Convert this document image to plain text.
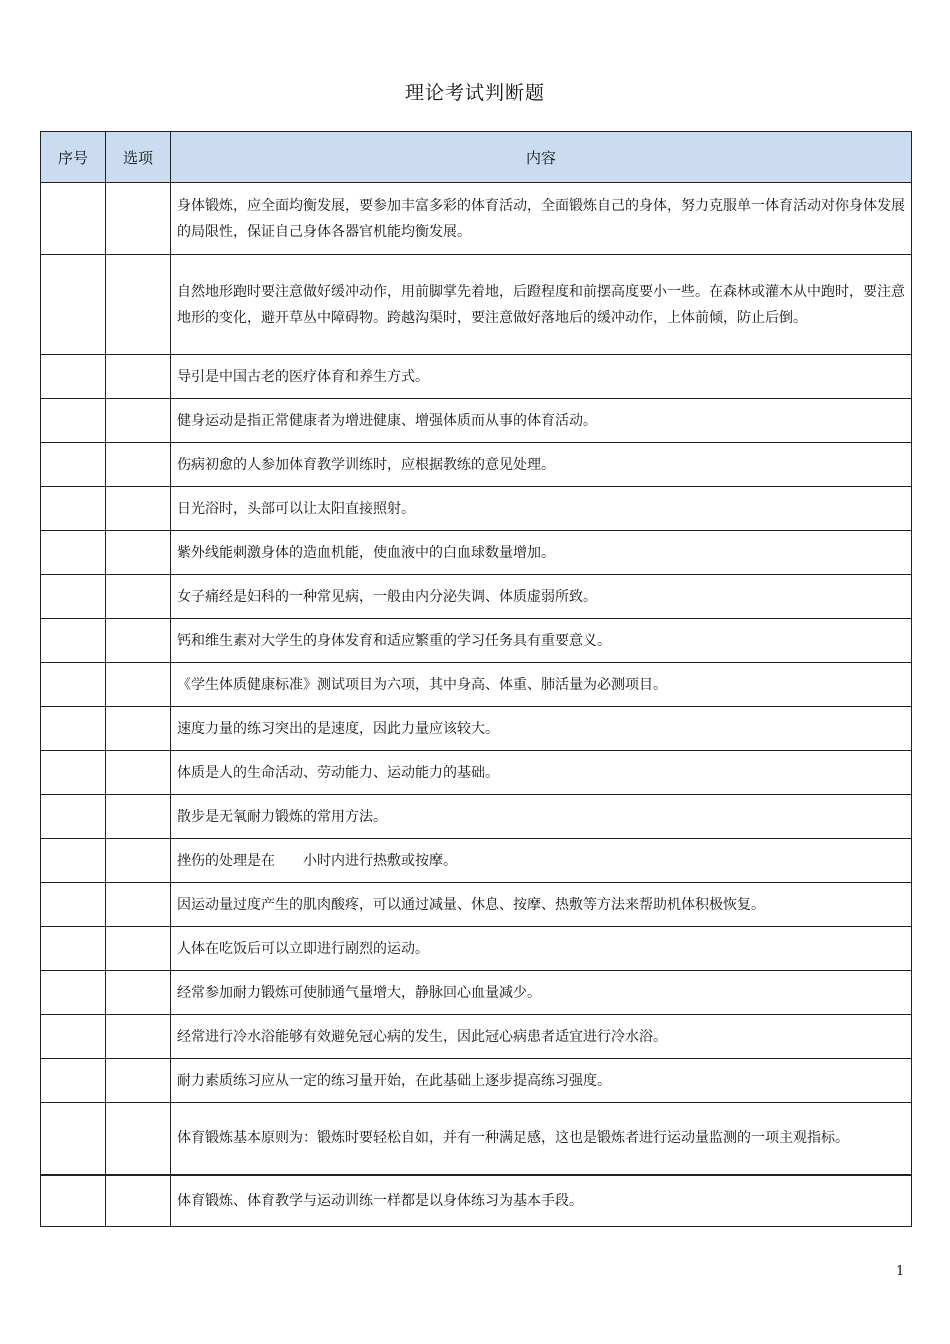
理论考试判断题
序号	选项	内容
		身体锻炼，应全面均衡发展，要参加丰富多彩的体育活动，全面锻炼自己的身体，努力克服单一体育活动对你身体发展的局限性，保证自己身体各器官机能均衡发展。
		自然地形跑时要注意做好缓冲动作，用前脚掌先着地，后蹬程度和前摆高度要小一些。在森林或灌木从中跑时，要注意地形的变化，避开草丛中障碍物。跨越沟渠时，要注意做好落地后的缓冲动作，上体前倾，防止后倒。
		导引是中国古老的医疗体育和养生方式。
		健身运动是指正常健康者为增进健康、增强体质而从事的体育活动。
		伤病初愈的人参加体育教学训练时，应根据教练的意见处理。
		日光浴时，头部可以让太阳直接照射。
		紫外线能刺激身体的造血机能，使血液中的白血球数量增加。
		女子痛经是妇科的一种常见病，一般由内分泌失调、体质虚弱所致。
		钙和维生素对大学生的身体发育和适应繁重的学习任务具有重要意义。
		《学生体质健康标准》测试项目为六项，其中身高、体重、肺活量为必测项目。
		速度力量的练习突出的是速度，因此力量应该较大。
		体质是人的生命活动、劳动能力、运动能力的基础。
		散步是无氧耐力锻炼的常用方法。
		挫伤的处理是在　　小时内进行热敷或按摩。
		因运动量过度产生的肌肉酸疼，可以通过减量、休息、按摩、热敷等方法来帮助机体积极恢复。
		人体在吃饭后可以立即进行剧烈的运动。
		经常参加耐力锻炼可使肺通气量增大，静脉回心血量减少。
		经常进行冷水浴能够有效避免冠心病的发生，因此冠心病患者适宜进行冷水浴。
		耐力素质练习应从一定的练习量开始，在此基础上逐步提高练习强度。
		体育锻炼基本原则为：锻炼时要轻松自如，并有一种满足感，这也是锻炼者进行运动量监测的一项主观指标。
		体育锻炼、体育教学与运动训练一样都是以身体练习为基本手段。
1
